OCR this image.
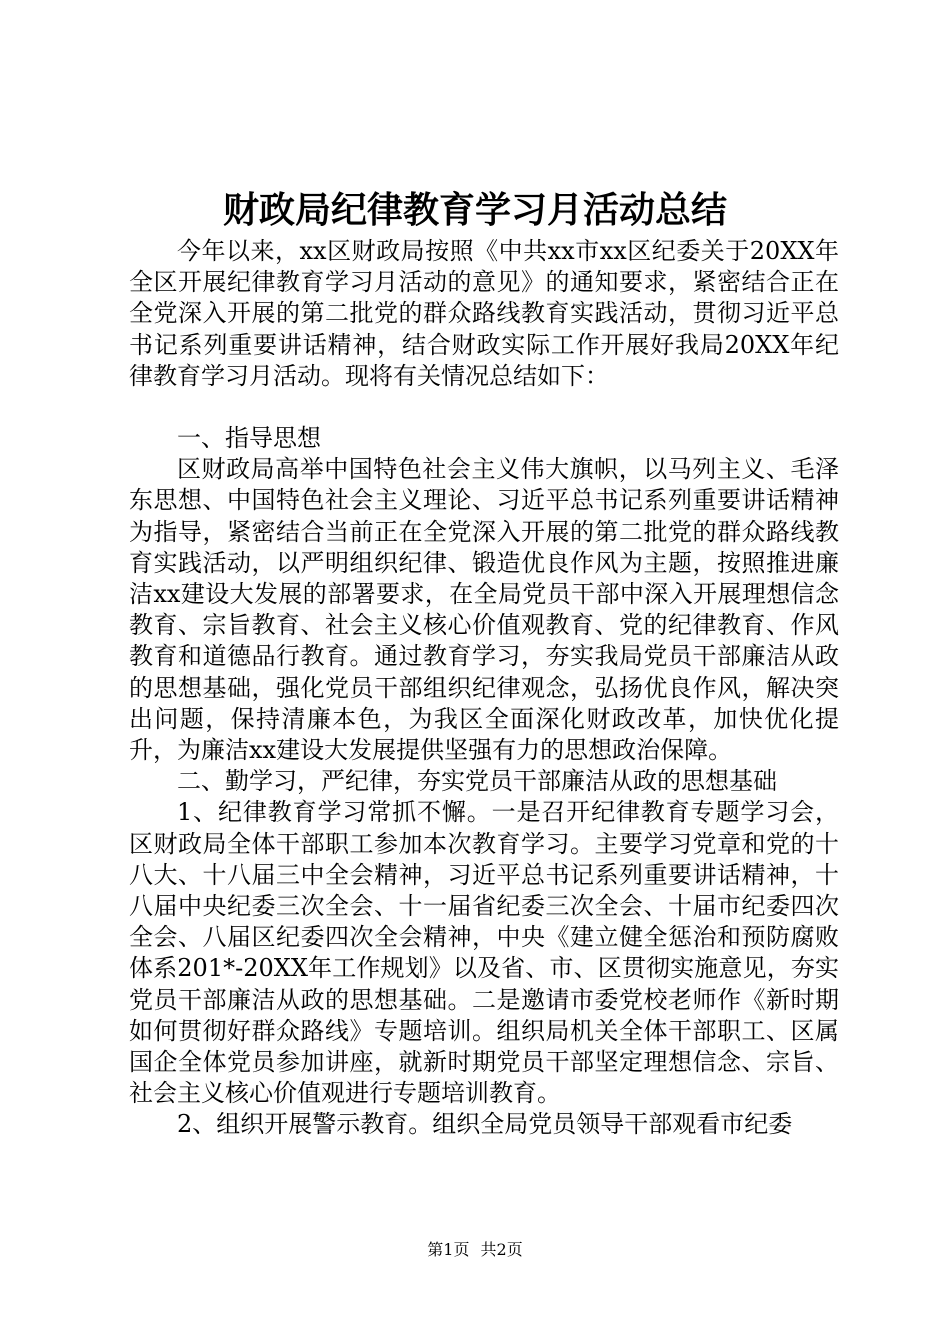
财政局纪律教育学习月活动总结

今年以来，xx区财政局按照《中共xx市xx区纪委关于20XX年全区开展纪律教育学习月活动的意见》的通知要求，紧密结合正在全党深入开展的第二批党的群众路线教育实践活动，贯彻习近平总书记系列重要讲话精神，结合财政实际工作开展好我局20XX年纪律教育学习月活动。现将有关情况总结如下：

一、指导思想

区财政局高举中国特色社会主义伟大旗帜，以马列主义、毛泽东思想、中国特色社会主义理论、习近平总书记系列重要讲话精神为指导，紧密结合当前正在全党深入开展的第二批党的群众路线教育实践活动，以严明组织纪律、锻造优良作风为主题，按照推进廉洁xx建设大发展的部署要求，在全局党员干部中深入开展理想信念教育、宗旨教育、社会主义核心价值观教育、党的纪律教育、作风教育和道德品行教育。通过教育学习，夯实我局党员干部廉洁从政的思想基础，强化党员干部组织纪律观念，弘扬优良作风，解决突出问题，保持清廉本色，为我区全面深化财政改革，加快优化提升，为廉洁xx建设大发展提供坚强有力的思想政治保障。

二、勤学习，严纪律，夯实党员干部廉洁从政的思想基础

1、纪律教育学习常抓不懈。一是召开纪律教育专题学习会，区财政局全体干部职工参加本次教育学习。主要学习党章和党的十八大、十八届三中全会精神，习近平总书记系列重要讲话精神，十八届中央纪委三次全会、十一届省纪委三次全会、十届市纪委四次全会、八届区纪委四次全会精神，中央《建立健全惩治和预防腐败体系201*-20XX年工作规划》以及省、市、区贯彻实施意见，夯实党员干部廉洁从政的思想基础。二是邀请市委党校老师作《新时期如何贯彻好群众路线》专题培训。组织局机关全体干部职工、区属国企全体党员参加讲座，就新时期党员干部坚定理想信念、宗旨、社会主义核心价值观进行专题培训教育。

2、组织开展警示教育。组织全局党员领导干部观看市纪委

第1页 共2页
